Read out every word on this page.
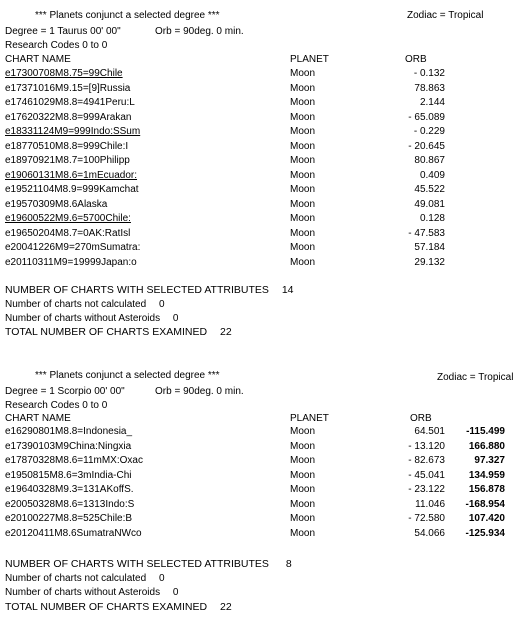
*** Planets conjunct a selected degree ***	Zodiac = Tropical
Degree = 1 Taurus 00' 00"	Orb = 90deg. 0 min.
Research Codes 0 to 0
CHART NAME	PLANET	ORB
e17300708M8.75=99Chile	Moon	- 0.132
e17371016M9.15=[9]Russia	Moon	78.863
e17461029M8.8=4941Peru:L	Moon	2.144
e17620322M8.8=999Arakan	Moon	- 65.089
e18331124M9=999Indo:SSum	Moon	- 0.229
e18770510M8.8=999Chile:I	Moon	- 20.645
e18970921M8.7=100Philipp	Moon	80.867
e19060131M8.6=1mEcuador:	Moon	0.409
e19521104M8.9=999Kamchat	Moon	45.522
e19570309M8.6Alaska	Moon	49.081
e19600522M9.6=5700Chile:	Moon	0.128
e19650204M8.7=0AK:RatIsl	Moon	- 47.583
e20041226M9=270mSumatra:	Moon	57.184
e20110311M9=19999Japan:o	Moon	29.132
NUMBER OF CHARTS WITH SELECTED ATTRIBUTES 14
Number of charts not calculated 0
Number of charts without Asteroids 0
TOTAL NUMBER OF CHARTS EXAMINED 22
*** Planets conjunct a selected degree ***	Zodiac = Tropical
Degree = 1 Scorpio 00' 00"	Orb = 90deg. 0 min.
Research Codes 0 to 0
CHART NAME	PLANET	ORB
e16290801M8.8=Indonesia_	Moon	64.501	-115.499
e17390103M9China:Ningxia	Moon	- 13.120	166.880
e17870328M8.6=11mMX:Oxac	Moon	- 82.673	97.327
e1950815M8.6=3mIndia-Chi	Moon	- 45.041	134.959
e19640328M9.3=131AKoffS.	Moon	- 23.122	156.878
e20050328M8.6=1313Indo:S	Moon	11.046	-168.954
e20100227M8.8=525Chile:B	Moon	- 72.580	107.420
e20120411M8.6SumatraNWco	Moon	54.066	-125.934
NUMBER OF CHARTS WITH SELECTED ATTRIBUTES 8
Number of charts not calculated 0
Number of charts without Asteroids 0
TOTAL NUMBER OF CHARTS EXAMINED 22
